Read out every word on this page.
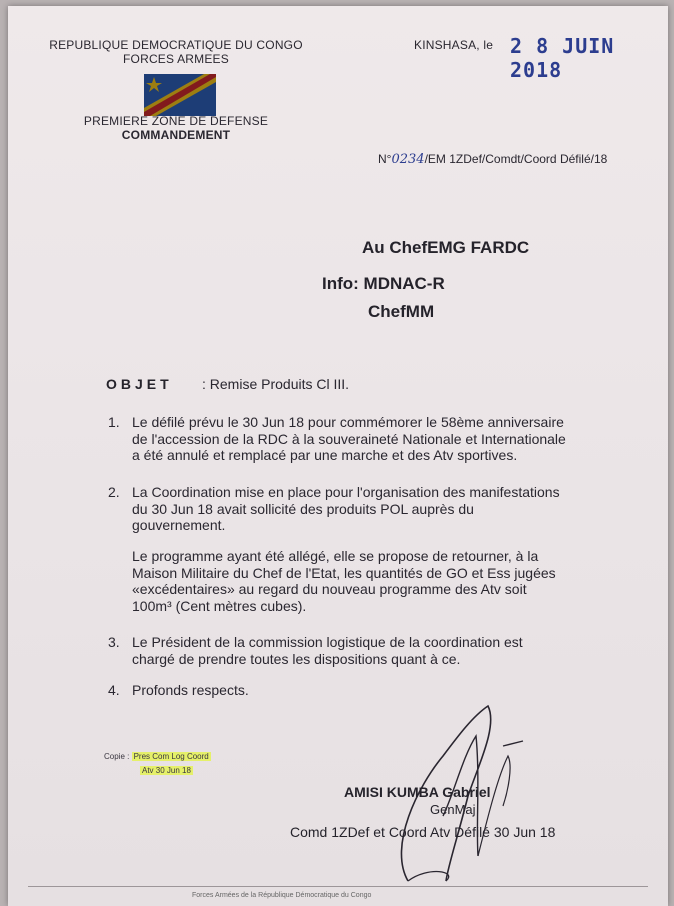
REPUBLIQUE DEMOCRATIQUE DU CONGO
FORCES ARMEES
PREMIERE ZONE DE DEFENSE
COMMANDEMENT
KINSHASA, le 2 8 JUIN 2018
N°0234/EM 1ZDef/Comdt/Coord Défilé/18
Au ChefEMG FARDC
Info: MDNAC-R
ChefMM
OBJET : Remise Produits Cl III.
1. Le défilé prévu le 30 Jun 18 pour commémorer le 58ème anniversaire
de l'accession de la RDC à la souveraineté Nationale et Internationale
a été annulé et remplacé par une marche et des Atv sportives.
2. La Coordination mise en place pour l'organisation des manifestations
du 30 Jun 18 avait sollicité des produits POL auprès du
gouvernement.
Le programme ayant été allégé, elle se propose de retourner, à la
Maison Militaire du Chef de l'Etat, les quantités de GO et Ess jugées
«excédentaires» au regard du nouveau programme des Atv soit
100m³ (Cent mètres cubes).
3. Le Président de la commission logistique de la coordination est
chargé de prendre toutes les dispositions quant à ce.
4. Profonds respects.
Copie : Pres Com Log Coord
Atv 30 Jun 18
AMISI KUMBA Gabriel
GenMaj
Comd 1ZDef et Coord Atv Défilé 30 Jun 18
Forces Armées de la République Démocratique du Congo
